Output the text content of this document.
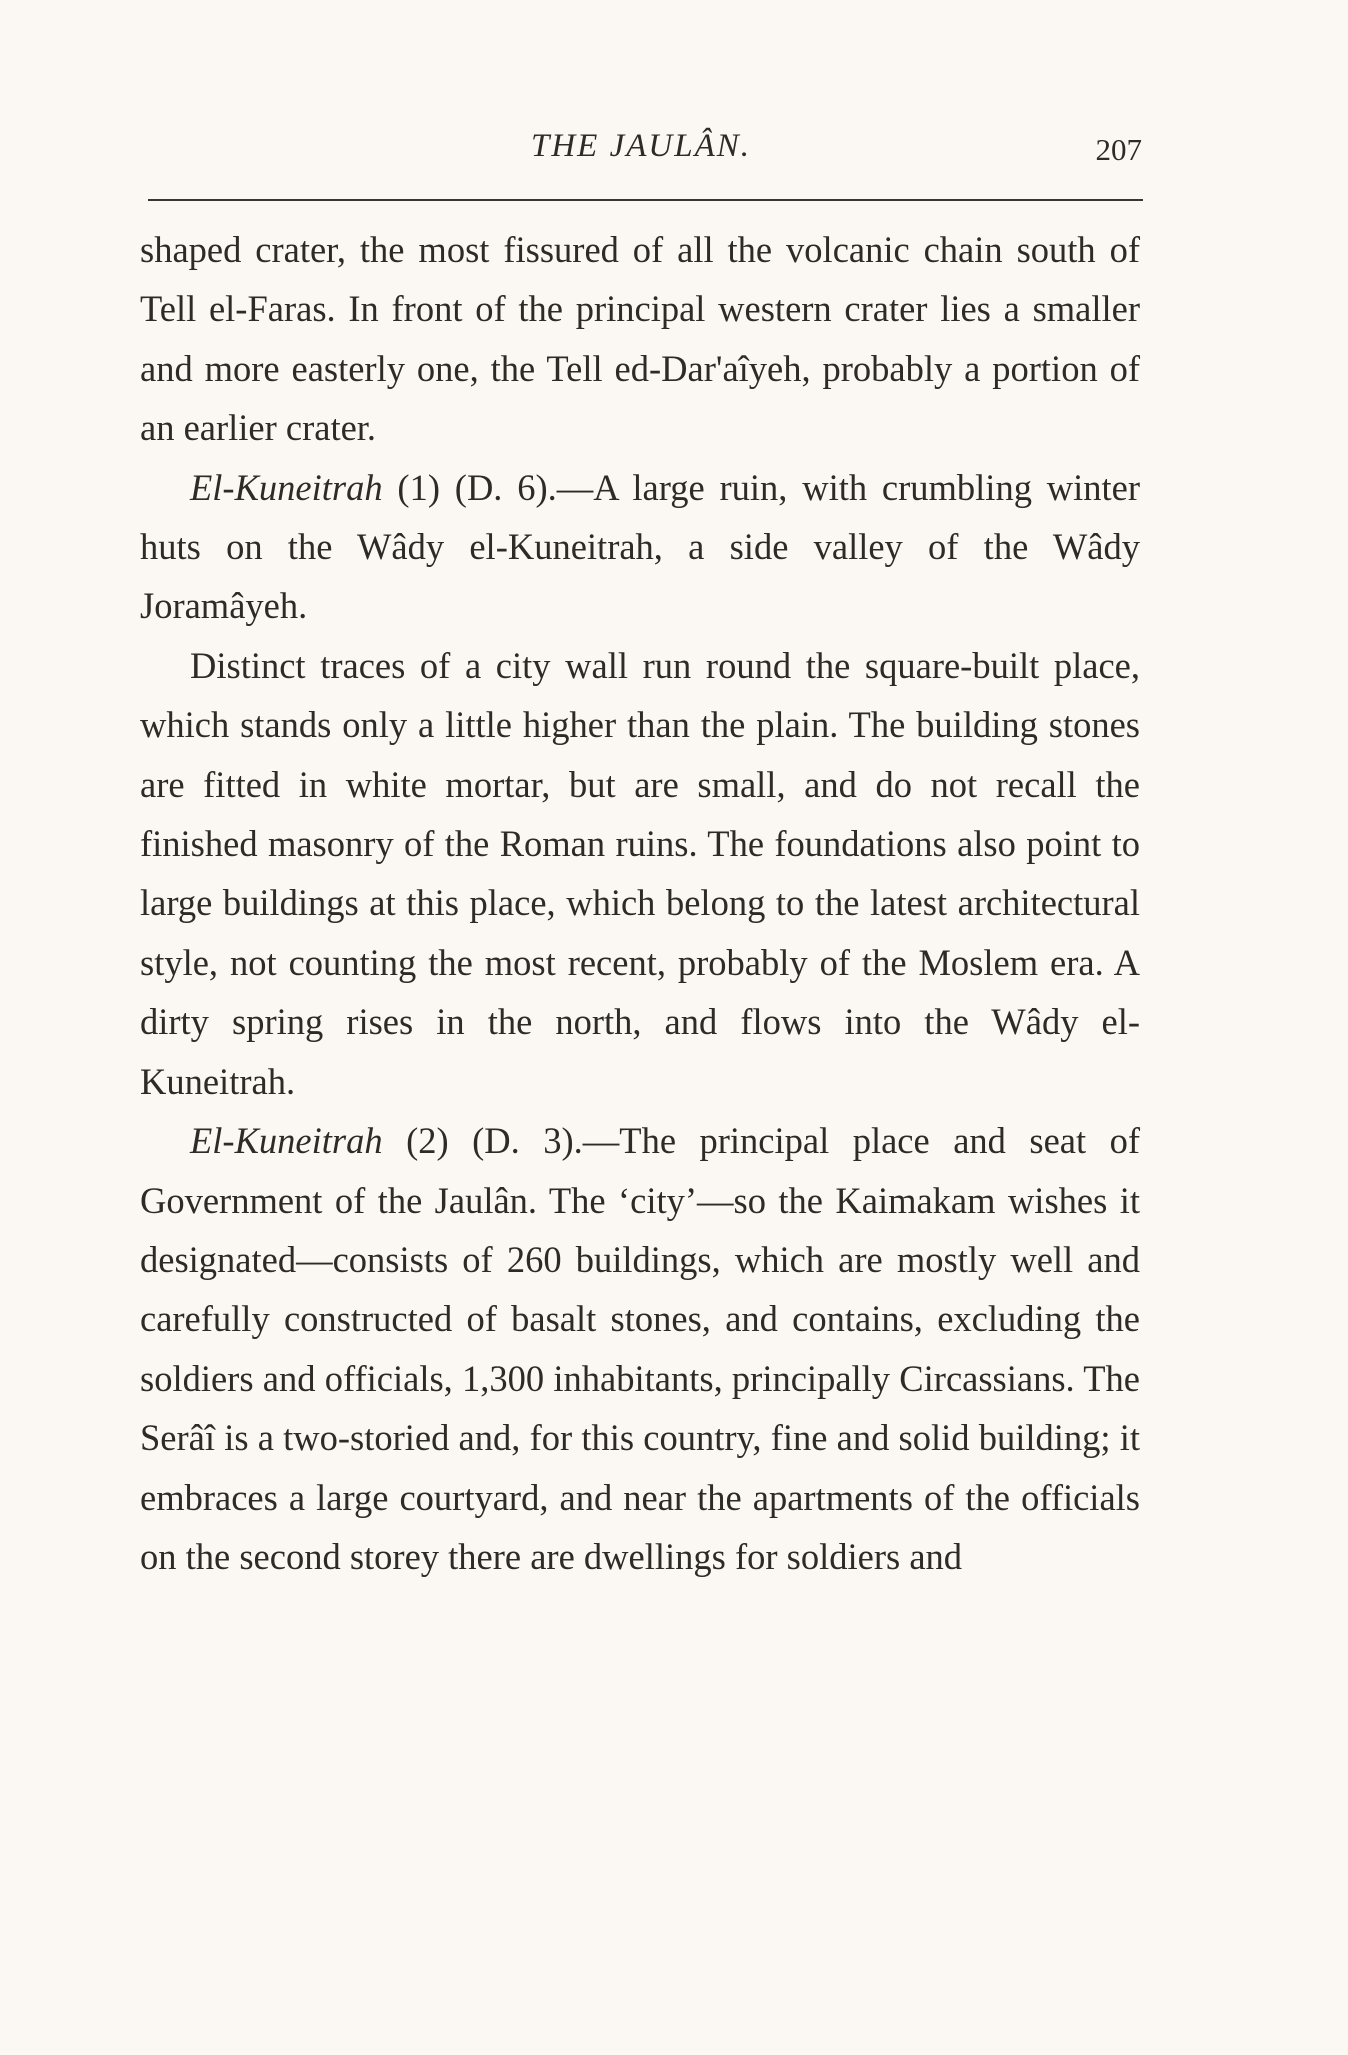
THE JAULÂN.	207

shaped crater, the most fissured of all the volcanic chain south of Tell el-Faras. In front of the principal western crater lies a smaller and more easterly one, the Tell ed-Dar'aîyeh, probably a portion of an earlier crater.

El-Kuneitrah (1) (D. 6).—A large ruin, with crumbling winter huts on the Wâdy el-Kuneitrah, a side valley of the Wâdy Joramâyeh.

Distinct traces of a city wall run round the square-built place, which stands only a little higher than the plain. The building stones are fitted in white mortar, but are small, and do not recall the finished masonry of the Roman ruins. The foundations also point to large buildings at this place, which belong to the latest architectural style, not counting the most recent, probably of the Moslem era. A dirty spring rises in the north, and flows into the Wâdy el-Kuneitrah.

El-Kuneitrah (2) (D. 3).—The principal place and seat of Government of the Jaulân. The ‘city’—so the Kaimakam wishes it designated—consists of 260 buildings, which are mostly well and carefully constructed of basalt stones, and contains, excluding the soldiers and officials, 1,300 inhabitants, principally Circassians. The Serâî is a two-storied and, for this country, fine and solid building; it embraces a large courtyard, and near the apartments of the officials on the second storey there are dwellings for soldiers and
